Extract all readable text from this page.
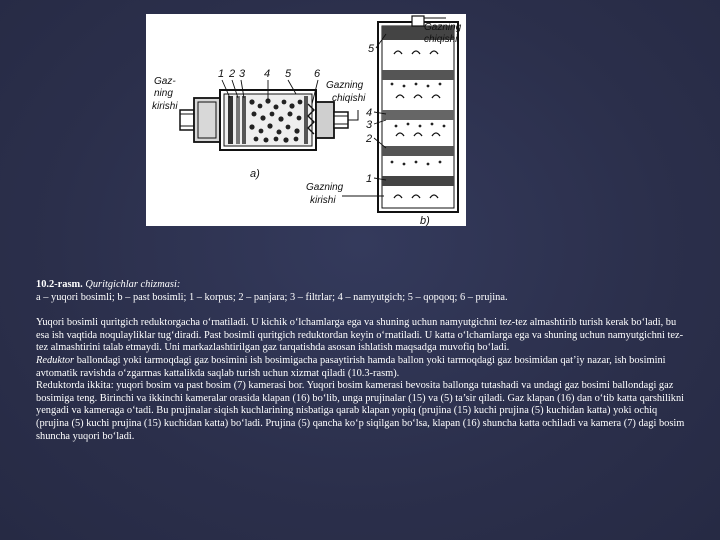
Gaz-
ning
kirishi
1 2 3 4 5 6
Gazning
chiqishi
a)
Gazning
chiqishi
5
4
3
2
1
Gazning
kirishi
b)

10.2-rasm. Quritgichlar chizmasi:

a – yuqori bosimli; b – past bosimli; 1 – korpus; 2 – panjara; 3 – filtrlar; 4 – namyutgich; 5 – qopqoq; 6 – prujina.

Yuqori bosimli quritgich reduktorgacha o‘rnatiladi. U kichik o‘lchamlarga ega va shuning uchun namyutgichni tez-tez almashtirib turish kerak bo‘ladi, bu esa ish vaqtida noqulayliklar tug‘diradi. Past bosimli quritgich reduktordan keyin o‘rnatiladi. U katta o‘lchamlarga ega va shuning uchun namyutgichni tez-tez almashtirini talab etmaydi. Uni markazlashtirilgan gaz tarqatishda asosan ishlatish maqsadga muvofiq bo‘ladi.

Reduktor ballondagi yoki tarmoqdagi gaz bosimini ish bosimigacha pasaytirish hamda ballon yoki tarmoqdagi gaz bosimidan qat’iy nazar, ish bosimini avtomatik ravishda o‘zgarmas kattalikda saqlab turish uchun xizmat qiladi (10.3-rasm).

Reduktorda ikkita: yuqori bosim va past bosim (7) kamerasi bor. Yuqori bosim kamerasi bevosita ballonga tutashadi va undagi gaz bosimi ballondagi gaz bosimiga teng. Birinchi va ikkinchi kameralar orasida klapan (16) bo‘lib, unga prujinalar (15) va (5) ta’sir qiladi. Gaz klapan (16) dan o‘tib katta qarshilikni yengadi va kameraga o‘tadi. Bu prujinalar siqish kuchlarining nisbatiga qarab klapan yopiq (prujina (15) kuchi prujina (5) kuchidan katta) yoki ochiq (prujina (5) kuchi prujina (15) kuchidan katta) bo‘ladi. Prujina (5) qancha ko‘p siqilgan bo‘lsa, klapan (16) shuncha katta ochiladi va kamera (7) dagi bosim shuncha yuqori bo‘ladi.
